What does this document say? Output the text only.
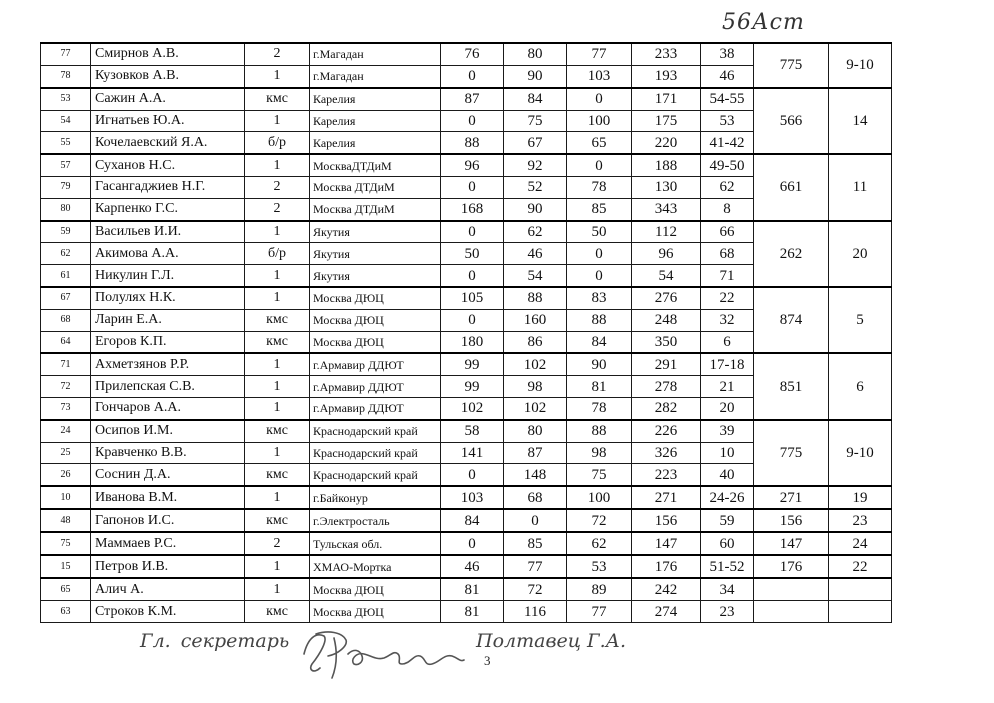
56Аст
77	Смирнов А.В.	2	г.Магадан	76	80	77	233	38	775	9-10
78	Кузовков А.В.	1	г.Магадан	0	90	103	193	46		
53	Сажин А.А.	кмс	Карелия	87	84	0	171	54-55	566	14
54	Игнатьев Ю.А.	1	Карелия	0	75	100	175	53		
55	Кочелаевский Я.А.	б/р	Карелия	88	67	65	220	41-42		
57	Суханов Н.С.	1	МоскваДТДиМ	96	92	0	188	49-50	661	11
79	Гасангаджиев Н.Г.	2	Москва ДТДиМ	0	52	78	130	62		
80	Карпенко Г.С.	2	Москва ДТДиМ	168	90	85	343	8		
59	Васильев И.И.	1	Якутия	0	62	50	112	66	262	20
62	Акимова А.А.	б/р	Якутия	50	46	0	96	68		
61	Никулин Г.Л.	1	Якутия	0	54	0	54	71		
67	Полулях Н.К.	1	Москва ДЮЦ	105	88	83	276	22	874	5
68	Ларин Е.А.	кмс	Москва ДЮЦ	0	160	88	248	32		
64	Егоров К.П.	кмс	Москва ДЮЦ	180	86	84	350	6		
71	Ахметзянов Р.Р.	1	г.Армавир ДДЮТ	99	102	90	291	17-18	851	6
72	Прилепская С.В.	1	г.Армавир ДДЮТ	99	98	81	278	21		
73	Гончаров А.А.	1	г.Армавир ДДЮТ	102	102	78	282	20		
24	Осипов И.М.	кмс	Краснодарский край	58	80	88	226	39	775	9-10
25	Кравченко В.В.	1	Краснодарский край	141	87	98	326	10		
26	Соснин Д.А.	кмс	Краснодарский край	0	148	75	223	40		
10	Иванова В.М.	1	г.Байконур	103	68	100	271	24-26	271	19
48	Гапонов И.С.	кмс	г.Электросталь	84	0	72	156	59	156	23
75	Маммаев Р.С.	2	Тульская обл.	0	85	62	147	60	147	24
15	Петров И.В.	1	ХМАО-Мортка	46	77	53	176	51-52	176	22
65	Алич А.	1	Москва ДЮЦ	81	72	89	242	34		
63	Строков К.М.	кмс	Москва ДЮЦ	81	116	77	274	23		
Гл. секретарь	Полтавец Г.А.
3
